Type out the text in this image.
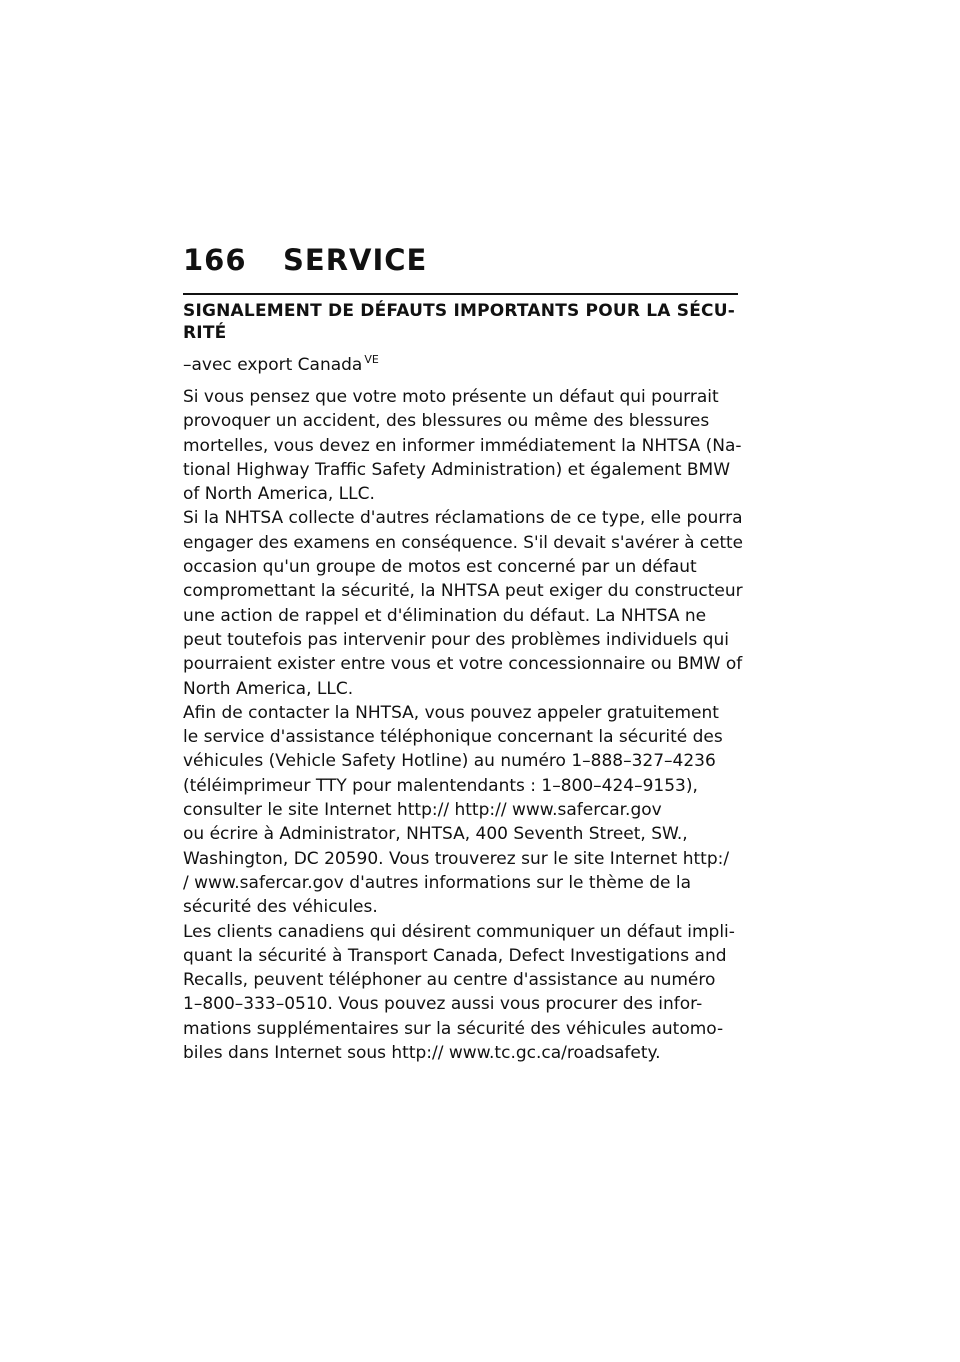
166 SERVICE
SIGNALEMENT DE DÉFAUTS IMPORTANTS POUR LA SÉCU-
RITÉ

–avec export Canada $^{VE}$

Si vous pensez que votre moto présente un défaut qui pourrait
provoquer un accident, des blessures ou même des blessures
mortelles, vous devez en informer immédiatement la NHTSA (Na-
tional Highway Traffic Safety Administration) et également BMW
of North America, LLC.
Si la NHTSA collecte d'autres réclamations de ce type, elle pourra
engager des examens en conséquence. S'il devait s'avérer à cette
occasion qu'un groupe de motos est concerné par un défaut
compromettant la sécurité, la NHTSA peut exiger du constructeur
une action de rappel et d'élimination du défaut. La NHTSA ne
peut toutefois pas intervenir pour des problèmes individuels qui
pourraient exister entre vous et votre concessionnaire ou BMW of
North America, LLC.
Afin de contacter la NHTSA, vous pouvez appeler gratuitement
le service d'assistance téléphonique concernant la sécurité des
véhicules (Vehicle Safety Hotline) au numéro 1–888–327–4236
(téléimprimeur TTY pour malentendants : 1–800–424–9153),
consulter le site Internet http:// http:// www.safercar.gov
ou écrire à Administrator, NHTSA, 400 Seventh Street, SW.,
Washington, DC 20590. Vous trouverez sur le site Internet http:/
/ www.safercar.gov d'autres informations sur le thème de la
sécurité des véhicules.
Les clients canadiens qui désirent communiquer un défaut impli-
quant la sécurité à Transport Canada, Defect Investigations and
Recalls, peuvent téléphoner au centre d'assistance au numéro
1–800–333–0510. Vous pouvez aussi vous procurer des infor-
mations supplémentaires sur la sécurité des véhicules automo-
biles dans Internet sous http:// www.tc.gc.ca/roadsafety.
